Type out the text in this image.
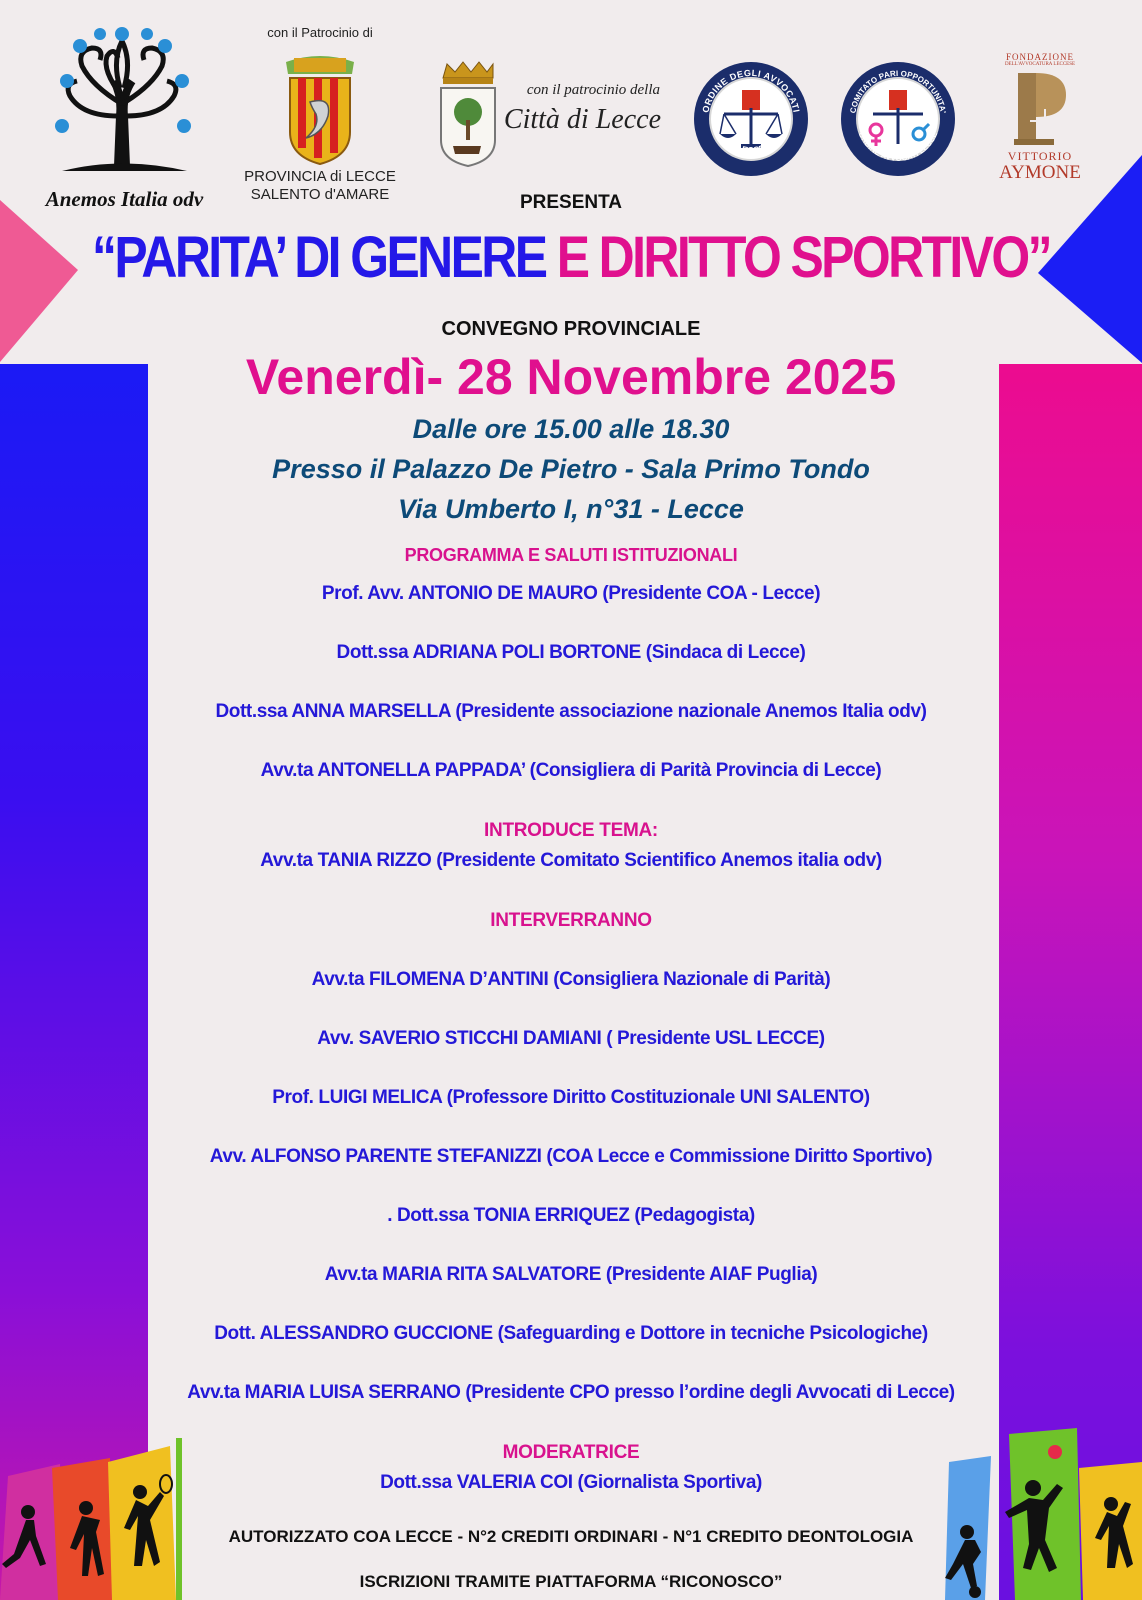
Anemos Italia odv
con il Patrocinio di
PROVINCIA di LECCE
SALENTO d'AMARE
con il patrocinio della
Città di Lecce	ORDINE DEGLI AVVOCATI
LECCE
COMITATO PARI OPPORTUNITA'
ORDINE AVVOCATI LECCE
FONDAZIONE
DELL'AVVOCATURA LECCESE
VITTORIO
AYMONE
PRESENTA
“PARITA’ DI GENERE E DIRITTO SPORTIVO”
CONVEGNO PROVINCIALE
Venerdì- 28 Novembre 2025
Dalle ore 15.00 alle 18.30
Presso il Palazzo De Pietro - Sala Primo Tondo
Via Umberto I, n°31 - Lecce
PROGRAMMA E SALUTI ISTITUZIONALI
Prof. Avv. ANTONIO DE MAURO (Presidente COA - Lecce)
Dott.ssa ADRIANA POLI BORTONE (Sindaca di Lecce)
Dott.ssa ANNA MARSELLA (Presidente associazione nazionale Anemos Italia odv)
Avv.ta ANTONELLA PAPPADA’ (Consigliera di Parità Provincia di Lecce)
INTRODUCE TEMA:
Avv.ta TANIA RIZZO (Presidente Comitato Scientifico Anemos italia odv)
INTERVERRANNO
Avv.ta FILOMENA D’ANTINI (Consigliera Nazionale di Parità)
Avv. SAVERIO STICCHI DAMIANI ( Presidente USL LECCE)
Prof. LUIGI MELICA (Professore Diritto Costituzionale UNI SALENTO)
Avv. ALFONSO PARENTE STEFANIZZI (COA Lecce e Commissione Diritto Sportivo)
. Dott.ssa TONIA ERRIQUEZ (Pedagogista)
Avv.ta MARIA RITA SALVATORE (Presidente AIAF Puglia)
Dott. ALESSANDRO GUCCIONE (Safeguarding e Dottore in tecniche Psicologiche)
Avv.ta MARIA LUISA SERRANO (Presidente CPO presso l’ordine degli Avvocati di Lecce)
MODERATRICE
Dott.ssa VALERIA COI (Giornalista Sportiva)
AUTORIZZATO COA LECCE - N°2 CREDITI ORDINARI - N°1 CREDITO DEONTOLOGIA
ISCRIZIONI TRAMITE PIATTAFORMA “RICONOSCO”
